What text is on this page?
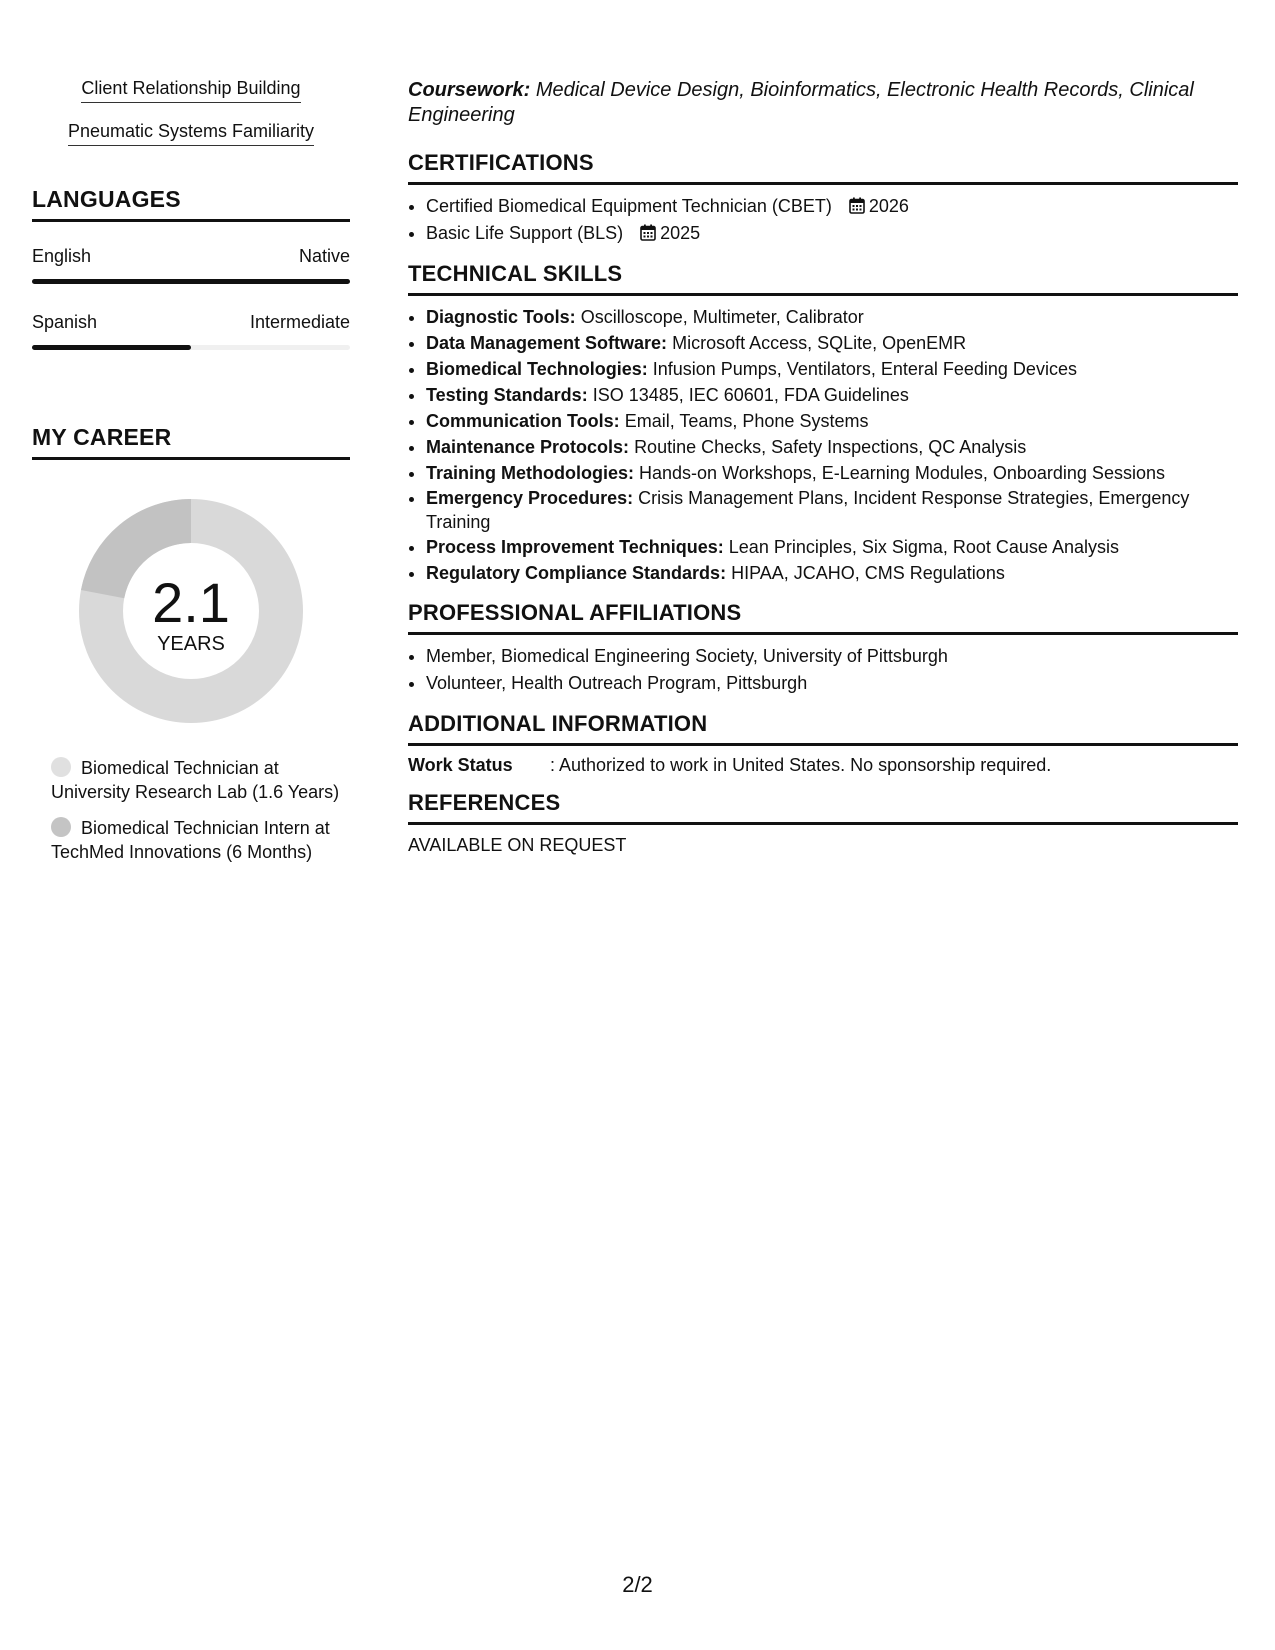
Client Relationship Building
Pneumatic Systems Familiarity
LANGUAGES
English	Native
Spanish	Intermediate
MY CAREER
2.1
YEARS
Biomedical Technician at University Research Lab (1.6 Years)
Biomedical Technician Intern at TechMed Innovations (6 Months)
Coursework: Medical Device Design, Bioinformatics, Electronic Health Records, Clinical Engineering
CERTIFICATIONS
• Certified Biomedical Equipment Technician (CBET) 2026
• Basic Life Support (BLS) 2025
TECHNICAL SKILLS
• Diagnostic Tools: Oscilloscope, Multimeter, Calibrator
• Data Management Software: Microsoft Access, SQLite, OpenEMR
• Biomedical Technologies: Infusion Pumps, Ventilators, Enteral Feeding Devices
• Testing Standards: ISO 13485, IEC 60601, FDA Guidelines
• Communication Tools: Email, Teams, Phone Systems
• Maintenance Protocols: Routine Checks, Safety Inspections, QC Analysis
• Training Methodologies: Hands-on Workshops, E-Learning Modules, Onboarding Sessions
• Emergency Procedures: Crisis Management Plans, Incident Response Strategies, Emergency Training
• Process Improvement Techniques: Lean Principles, Six Sigma, Root Cause Analysis
• Regulatory Compliance Standards: HIPAA, JCAHO, CMS Regulations
PROFESSIONAL AFFILIATIONS
• Member, Biomedical Engineering Society, University of Pittsburgh
• Volunteer, Health Outreach Program, Pittsburgh
ADDITIONAL INFORMATION
Work Status	: Authorized to work in United States. No sponsorship required.
REFERENCES
AVAILABLE ON REQUEST
2/2
